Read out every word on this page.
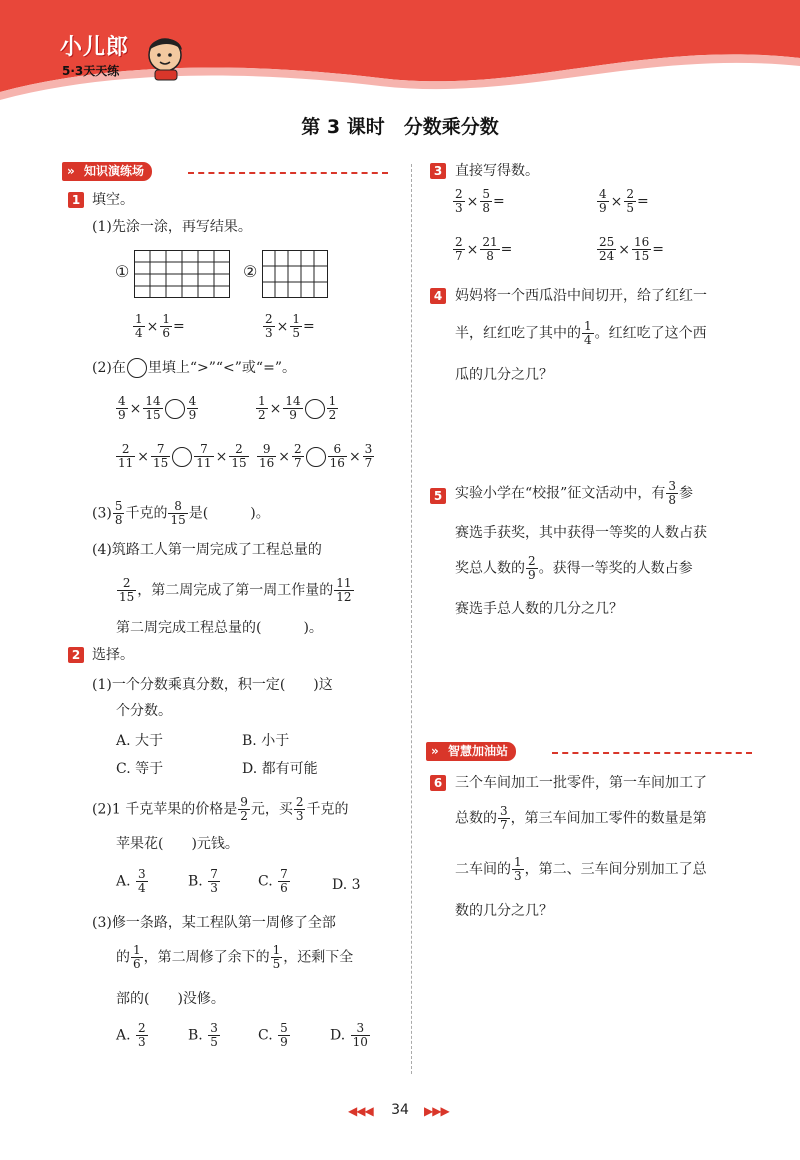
小儿郎
5·3天天练
第 3 课时　分数乘分数
» 知识演练场
1 填空。
(1)先涂一涂，再写结果。
①	②
$\frac{1}{4} \times \frac{1}{6}$ =	$\frac{2}{3} \times \frac{1}{5}$ =
(2)在 里填上“>”“<”或“=”。
$\frac{4}{9} \times \frac{14}{15} \frac{4}{9}$	$\frac{1}{2} \times \frac{14}{9} \frac{1}{2}$
$\frac{2}{11} \times \frac{7}{15} \frac{7}{11} \times \frac{2}{15} \frac{9}{16} \times \frac{2}{7} \frac{6}{16} \times \frac{3}{7}$
$(3) \frac{5}{8}$ 千克的 $\frac{8}{15}$ 是(　　　)。
(4)筑路工人第一周完成了工程总量的
$\frac{2}{15}$ ，第二周完成了第一周工作量的 $\frac{11}{12}$
第二周完成工程总量的(　　　)。
2 选择。
(1)一个分数乘真分数，积一定(　　)这
个分数。
A. 大于	B. 小于
C. 等于	D. 都有可能
(2)1 千克苹果的价格是 $\frac{9}{2}$ 元，买 $\frac{2}{3}$ 千克的
苹果花(　　)元钱。
A. $\frac{3}{4}$	B. $\frac{7}{3}$	C. $\frac{7}{6}$	D. 3
(3)修一条路，某工程队第一周修了全部
的 $\frac{1}{6}$ ，第二周修了余下的 $\frac{1}{5}$ ，还剩下全
部的(　　)没修。
A. $\frac{2}{3}$	B. $\frac{3}{5}$	C. $\frac{5}{9}$	D. $\frac{3}{10}$
3 直接写得数。
$\frac{2}{3} \times \frac{5}{8}$ =	$\frac{4}{9} \times \frac{2}{5}$ =
$\frac{2}{7} \times \frac{21}{8}$ =	$\frac{25}{24} \times \frac{16}{15}$ =
4 妈妈将一个西瓜沿中间切开，给了红红一
半，红红吃了其中的 $\frac{1}{4}$ 。红红吃了这个西
瓜的几分之几？
5 实验小学在“校报”征文活动中，有 $\frac{3}{8}$ 参
赛选手获奖，其中获得一等奖的人数占获
奖总人数的 $\frac{2}{9}$ 。获得一等奖的人数占参
赛选手总人数的几分之几？
» 智慧加油站
6 三个车间加工一批零件，第一车间加工了
总数的 $\frac{3}{7}$ ，第三车间加工零件的数量是第
二车间的 $\frac{1}{3}$ ，第二、三车间分别加工了总
数的几分之几？
◀◀◀	34	▶▶▶
